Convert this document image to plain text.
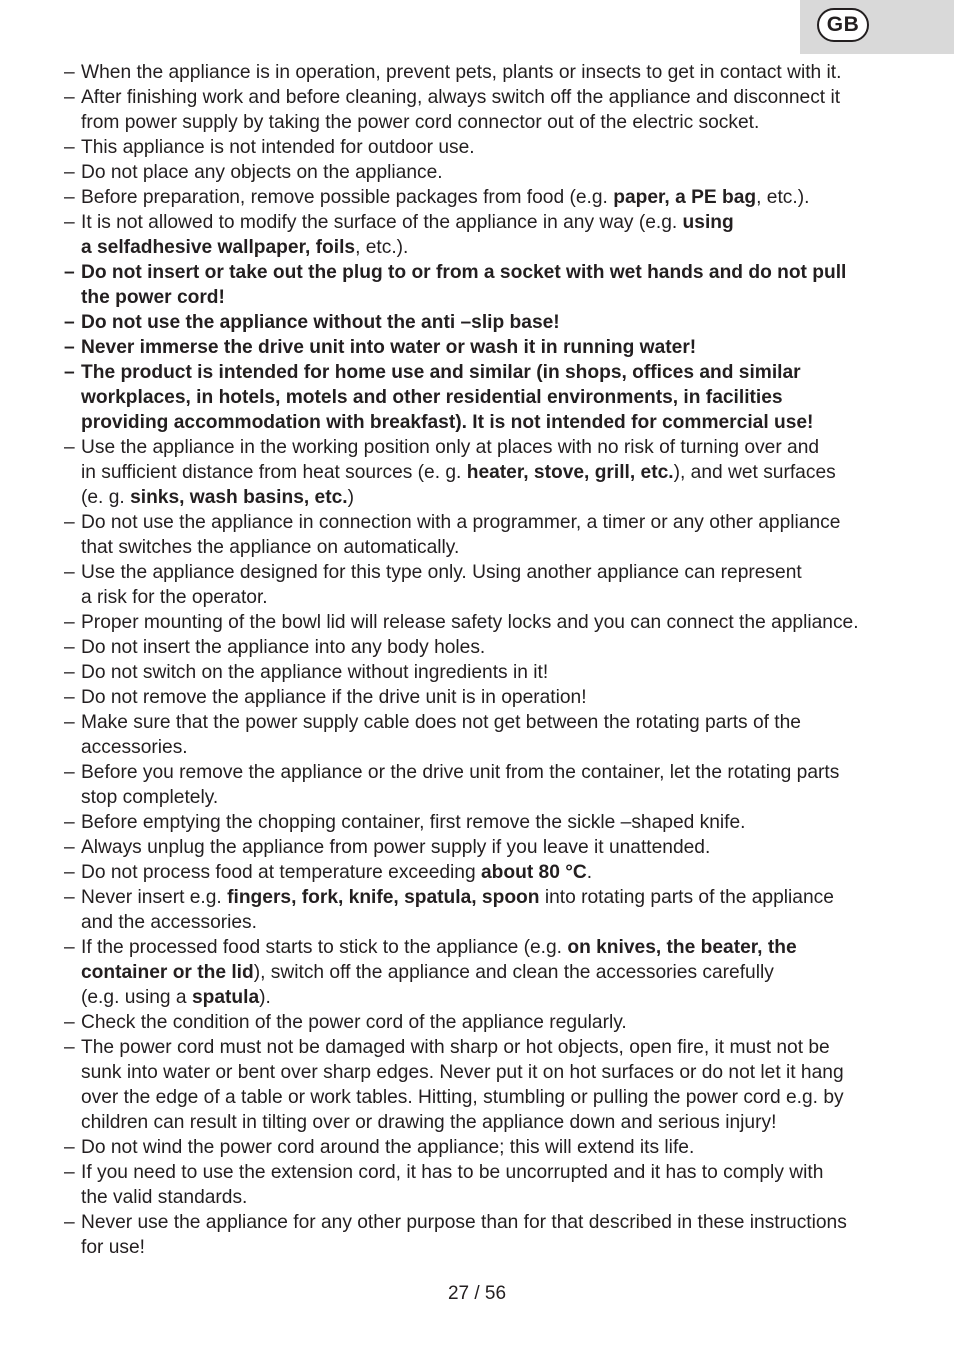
GB
– When the appliance is in operation, prevent pets, plants or insects to get in contact with it.
– After finishing work and before cleaning, always switch off the appliance and disconnect it
from power supply by taking the power cord connector out of the electric socket.
– This appliance is not intended for outdoor use.
– Do not place any objects on the appliance.
– Before preparation, remove possible packages from food (e.g. paper, a PE bag, etc.).
– It is not allowed to modify the surface of the appliance in any way (e.g. using
a selfadhesive wallpaper, foils, etc.).
– Do not insert or take out the plug to or from a socket with wet hands and do not pull
the power cord!
– Do not use the appliance without the anti –slip base!
– Never immerse the drive unit into water or wash it in running water!
– The product is intended for home use and similar (in shops, offices and similar
workplaces, in hotels, motels and other residential environments, in facilities
providing accommodation with breakfast). It is not intended for commercial use!
– Use the appliance in the working position only at places with no risk of turning over and
in sufficient distance from heat sources (e. g. heater, stove, grill, etc.), and wet surfaces
(e. g. sinks, wash basins, etc.)
– Do not use the appliance in connection with a programmer, a timer or any other appliance
that switches the appliance on automatically.
– Use the appliance designed for this type only. Using another appliance can represent
a risk for the operator.
– Proper mounting of the bowl lid will release safety locks and you can connect the appliance.
– Do not insert the appliance into any body holes.
– Do not switch on the appliance without ingredients in it!
– Do not remove the appliance if the drive unit is in operation!
– Make sure that the power supply cable does not get between the rotating parts of the
accessories.
– Before you remove the appliance or the drive unit from the container, let the rotating parts
stop completely.
– Before emptying the chopping container, first remove the sickle –shaped knife.
– Always unplug the appliance from power supply if you leave it unattended.
– Do not process food at temperature exceeding about 80 °C.
– Never insert e.g. fingers, fork, knife, spatula, spoon into rotating parts of the appliance
and the accessories.
– If the processed food starts to stick to the appliance (e.g. on knives, the beater, the
container or the lid), switch off the appliance and clean the accessories carefully
(e.g. using a spatula).
– Check the condition of the power cord of the appliance regularly.
– The power cord must not be damaged with sharp or hot objects, open fire, it must not be
sunk into water or bent over sharp edges. Never put it on hot surfaces or do not let it hang
over the edge of a table or work tables. Hitting, stumbling or pulling the power cord e.g. by
children can result in tilting over or drawing the appliance down and serious injury!
– Do not wind the power cord around the appliance; this will extend its life.
– If you need to use the extension cord, it has to be uncorrupted and it has to comply with
the valid standards.
– Never use the appliance for any other purpose than for that described in these instructions
for use!
27 / 56
